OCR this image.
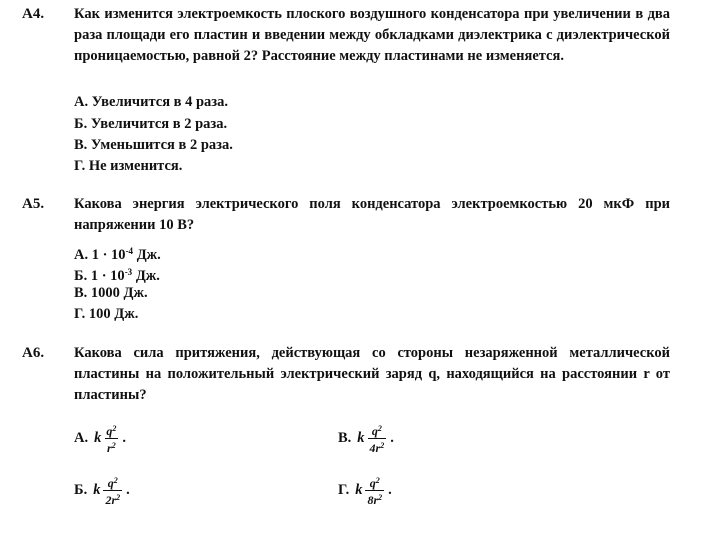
А4. Как изменится электроемкость плоского воздушного конденсатора при увеличении в два раза площади его пластин и введении между обкладками диэлектрика с диэлектрической проницаемостью, равной 2? Расстояние между пластинами не изменяется.
А. Увеличится в 4 раза.
Б. Увеличится в 2 раза.
В. Уменьшится в 2 раза.
Г. Не изменится.
А5. Какова энергия электрического поля конденсатора электроемкостью 20 мкФ при напряжении 10 В?
А. $1 \cdot 10^{-4}$ Дж.
Б. $1 \cdot 10^{-3}$ Дж.
В. 1000 Дж.
Г. 100 Дж.
А6. Какова сила притяжения, действующая со стороны незаряженной металлической пластины на положительный электрический заряд q, находящийся на расстоянии r от пластины?
А. k $\frac{q^2}{r^2}$ .
Б. k $\frac{q^2}{2r^2}$ .
В. k $\frac{q^2}{4r^2}$ .
Г. k $\frac{q^2}{8r^2}$ .
